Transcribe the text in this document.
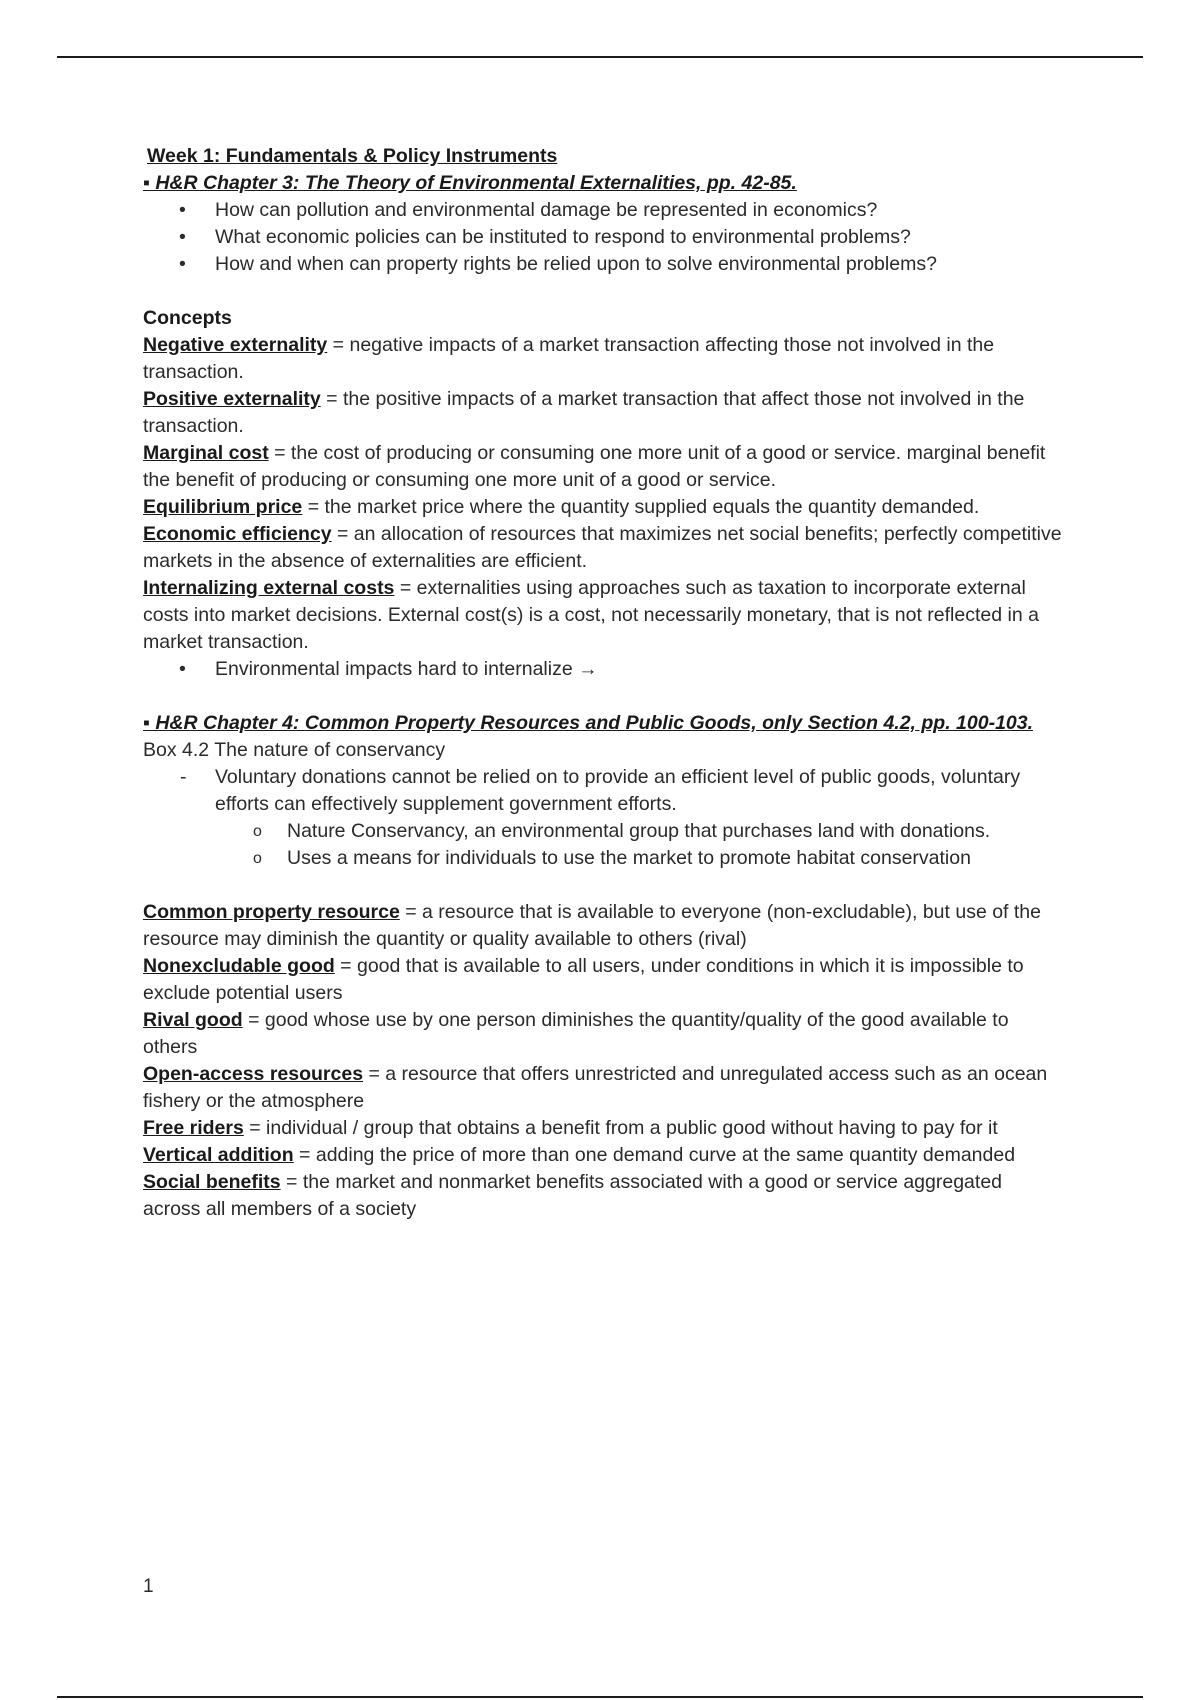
Week 1: Fundamentals & Policy Instruments

▪ H&R Chapter 3: The Theory of Environmental Externalities, pp. 42-85.

• How can pollution and environmental damage be represented in economics?
• What economic policies can be instituted to respond to environmental problems?
• How and when can property rights be relied upon to solve environmental problems?

Concepts

Negative externality = negative impacts of a market transaction affecting those not involved in the transaction.

Positive externality = the positive impacts of a market transaction that affect those not involved in the transaction.

Marginal cost = the cost of producing or consuming one more unit of a good or service. marginal benefit the benefit of producing or consuming one more unit of a good or service.

Equilibrium price = the market price where the quantity supplied equals the quantity demanded.

Economic efficiency = an allocation of resources that maximizes net social benefits; perfectly competitive markets in the absence of externalities are efficient.

Internalizing external costs = externalities using approaches such as taxation to incorporate external costs into market decisions. External cost(s) is a cost, not necessarily monetary, that is not reflected in a market transaction.

• Environmental impacts hard to internalize →

▪ H&R Chapter 4: Common Property Resources and Public Goods, only Section 4.2, pp. 100-103.

Box 4.2 The nature of conservancy

- Voluntary donations cannot be relied on to provide an efficient level of public goods, voluntary efforts can effectively supplement government efforts.
o Nature Conservancy, an environmental group that purchases land with donations.
o Uses a means for individuals to use the market to promote habitat conservation

Common property resource = a resource that is available to everyone (non-excludable), but use of the resource may diminish the quantity or quality available to others (rival)

Nonexcludable good = good that is available to all users, under conditions in which it is impossible to exclude potential users

Rival good = good whose use by one person diminishes the quantity/quality of the good available to others

Open-access resources = a resource that offers unrestricted and unregulated access such as an ocean fishery or the atmosphere

Free riders = individual / group that obtains a benefit from a public good without having to pay for it

Vertical addition = adding the price of more than one demand curve at the same quantity demanded

Social benefits = the market and nonmarket benefits associated with a good or service aggregated across all members of a society

1
